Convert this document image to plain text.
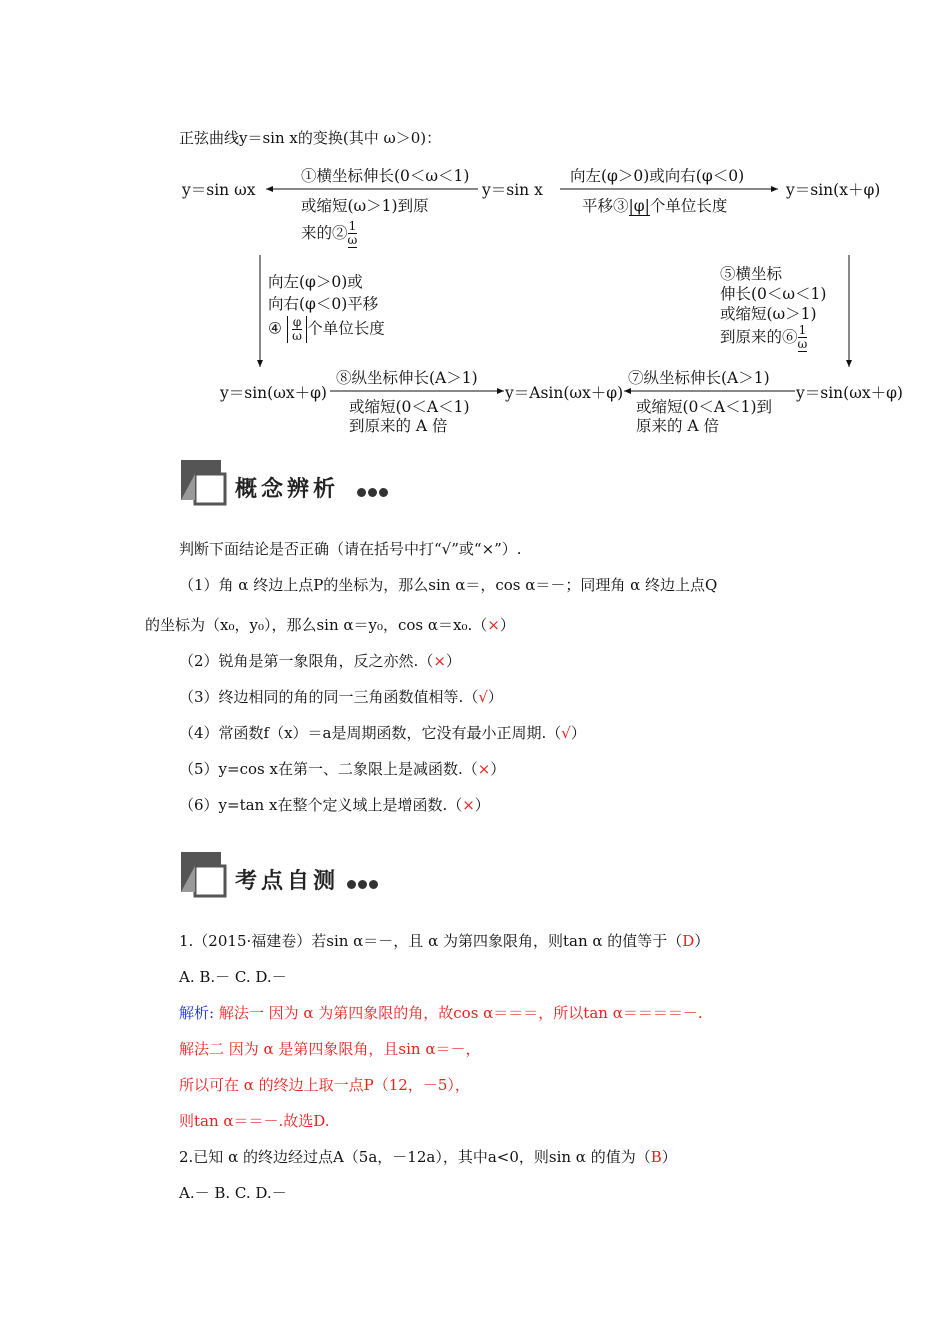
正弦曲线y＝sin x的变换(其中 ω＞0)：
y＝sin ωx	y＝sin x	y＝sin(x＋φ)
①横坐标伸长(0＜ω＜1)
或缩短(ω＞1)到原
来的② $\frac{1}{\omega}$
向左(φ＞0)或向右(φ＜0)
平移③|φ|个单位长度
向左(φ＞0)或
向右(φ＜0)平移
④ $\frac{\varphi}{\omega}$ 个单位长度
⑤横坐标
伸长(0＜ω＜1)
或缩短(ω＞1)
到原来的⑥ $\frac{1}{\omega}$
y＝sin(ωx＋φ)	y＝Asin(ωx＋φ)	y＝sin(ωx＋φ)
⑧纵坐标伸长(A＞1)
或缩短(0＜A＜1)
到原来的 A 倍
⑦纵坐标伸长(A＞1)
或缩短(0＜A＜1)到
原来的 A 倍
概念辨析
判断下面结论是否正确（请在括号中打“√”或“×”）.
（1）角 α 终边上点P的坐标为，那么sin α＝，cos α＝－；同理角 α 终边上点Q
的坐标为（x₀，y₀），那么sin α＝y₀，cos α＝x₀.（×）
（2）锐角是第一象限角，反之亦然.（×）
（3）终边相同的角的同一三角函数值相等.（√）
（4）常函数f（x）＝a是周期函数，它没有最小正周期.（√）
（5）y=cos x在第一、二象限上是减函数.（×）
（6）y=tan x在整个定义域上是增函数.（×）
考点自测
1.（2015·福建卷）若sin α＝－，且 α 为第四象限角，则tan α 的值等于（D）
A. B.－ C. D.－
解析: 解法一 因为 α 为第四象限的角，故cos α＝＝＝，所以tan α＝＝＝＝－.
解法二 因为 α 是第四象限角，且sin α＝－，
所以可在 α 的终边上取一点P（12，－5），
则tan α＝＝－.故选D.
2.已知 α 的终边经过点A（5a，－12a），其中a<0，则sin α 的值为（B）
A.－ B. C. D.－
